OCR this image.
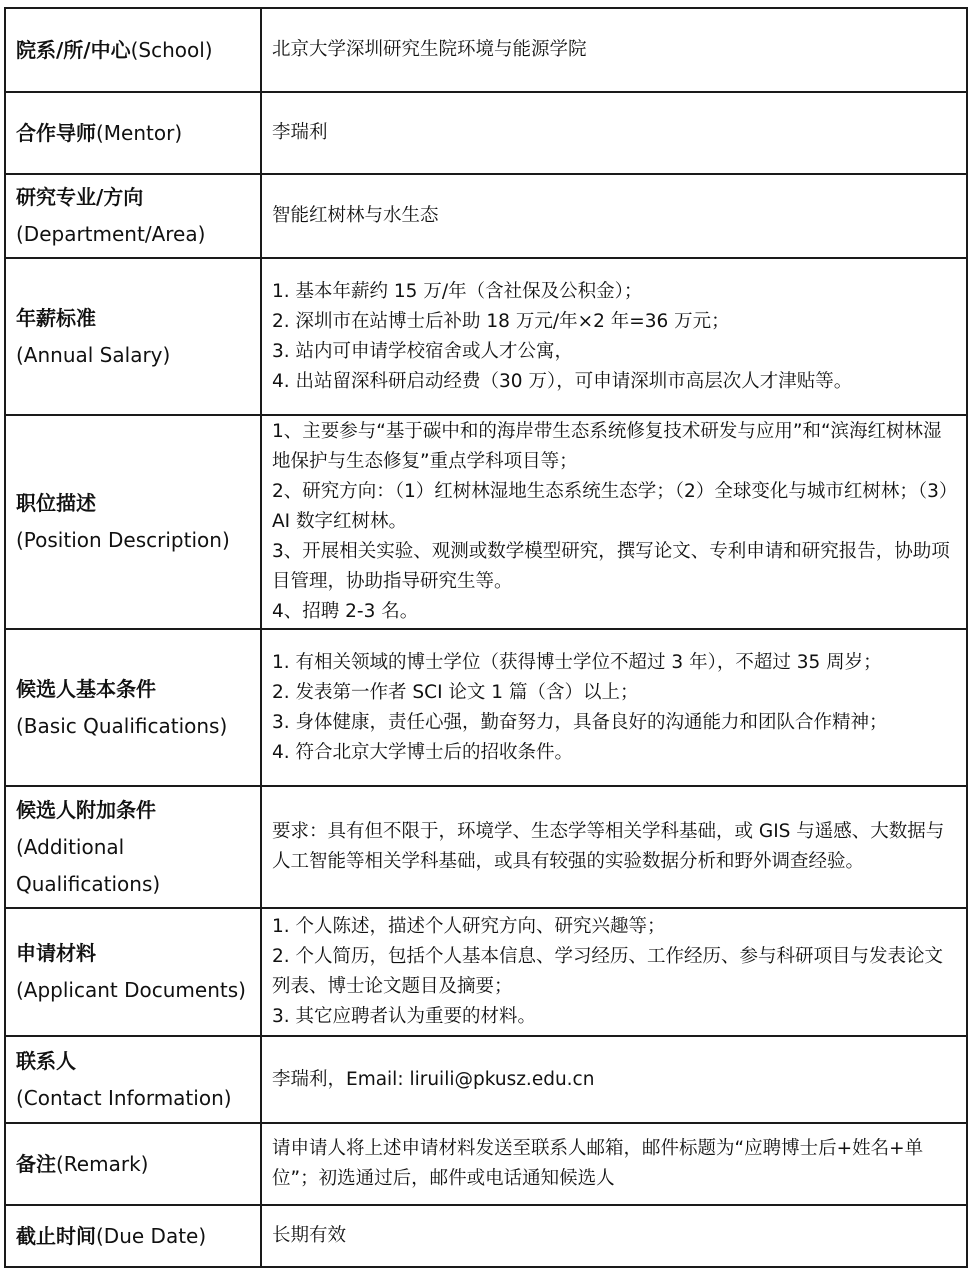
院系/所/中心(School)	北京大学深圳研究生院环境与能源学院

合作导师(Mentor)	李瑞利

研究专业/方向
(Department/Area)	智能红树林与水生态

年薪标准
(Annual Salary)	1. 基本年薪约 15 万/年（含社保及公积金）；
2. 深圳市在站博士后补助 18 万元/年×2 年=36 万元；
3. 站内可申请学校宿舍或人才公寓，
4. 出站留深科研启动经费（30 万），可申请深圳市高层次人才津贴等。

职位描述
(Position Description)	1、主要参与“基于碳中和的海岸带生态系统修复技术研发与应用”和“滨海红树林湿地保护与生态修复”重点学科项目等；
2、研究方向：（1）红树林湿地生态系统生态学；（2）全球变化与城市红树林；（3）AI 数字红树林。
3、开展相关实验、观测或数学模型研究，撰写论文、专利申请和研究报告，协助项目管理，协助指导研究生等。
4、招聘 2-3 名。

候选人基本条件
(Basic Qualifications)	1. 有相关领域的博士学位（获得博士学位不超过 3 年），不超过 35 周岁；
2. 发表第一作者 SCI 论文 1 篇（含）以上；
3. 身体健康，责任心强，勤奋努力，具备良好的沟通能力和团队合作精神；
4. 符合北京大学博士后的招收条件。

候选人附加条件
(Additional Qualifications)	要求：具有但不限于，环境学、生态学等相关学科基础，或 GIS 与遥感、大数据与人工智能等相关学科基础，或具有较强的实验数据分析和野外调查经验。

申请材料
(Applicant Documents)	1. 个人陈述，描述个人研究方向、研究兴趣等；
2. 个人简历，包括个人基本信息、学习经历、工作经历、参与科研项目与发表论文列表、博士论文题目及摘要；
3. 其它应聘者认为重要的材料。

联系人
(Contact Information)	李瑞利，Email: liruili@pkusz.edu.cn

备注(Remark)	请申请人将上述申请材料发送至联系人邮箱，邮件标题为“应聘博士后+姓名+单位”；初选通过后，邮件或电话通知候选人

截止时间(Due Date)	长期有效
